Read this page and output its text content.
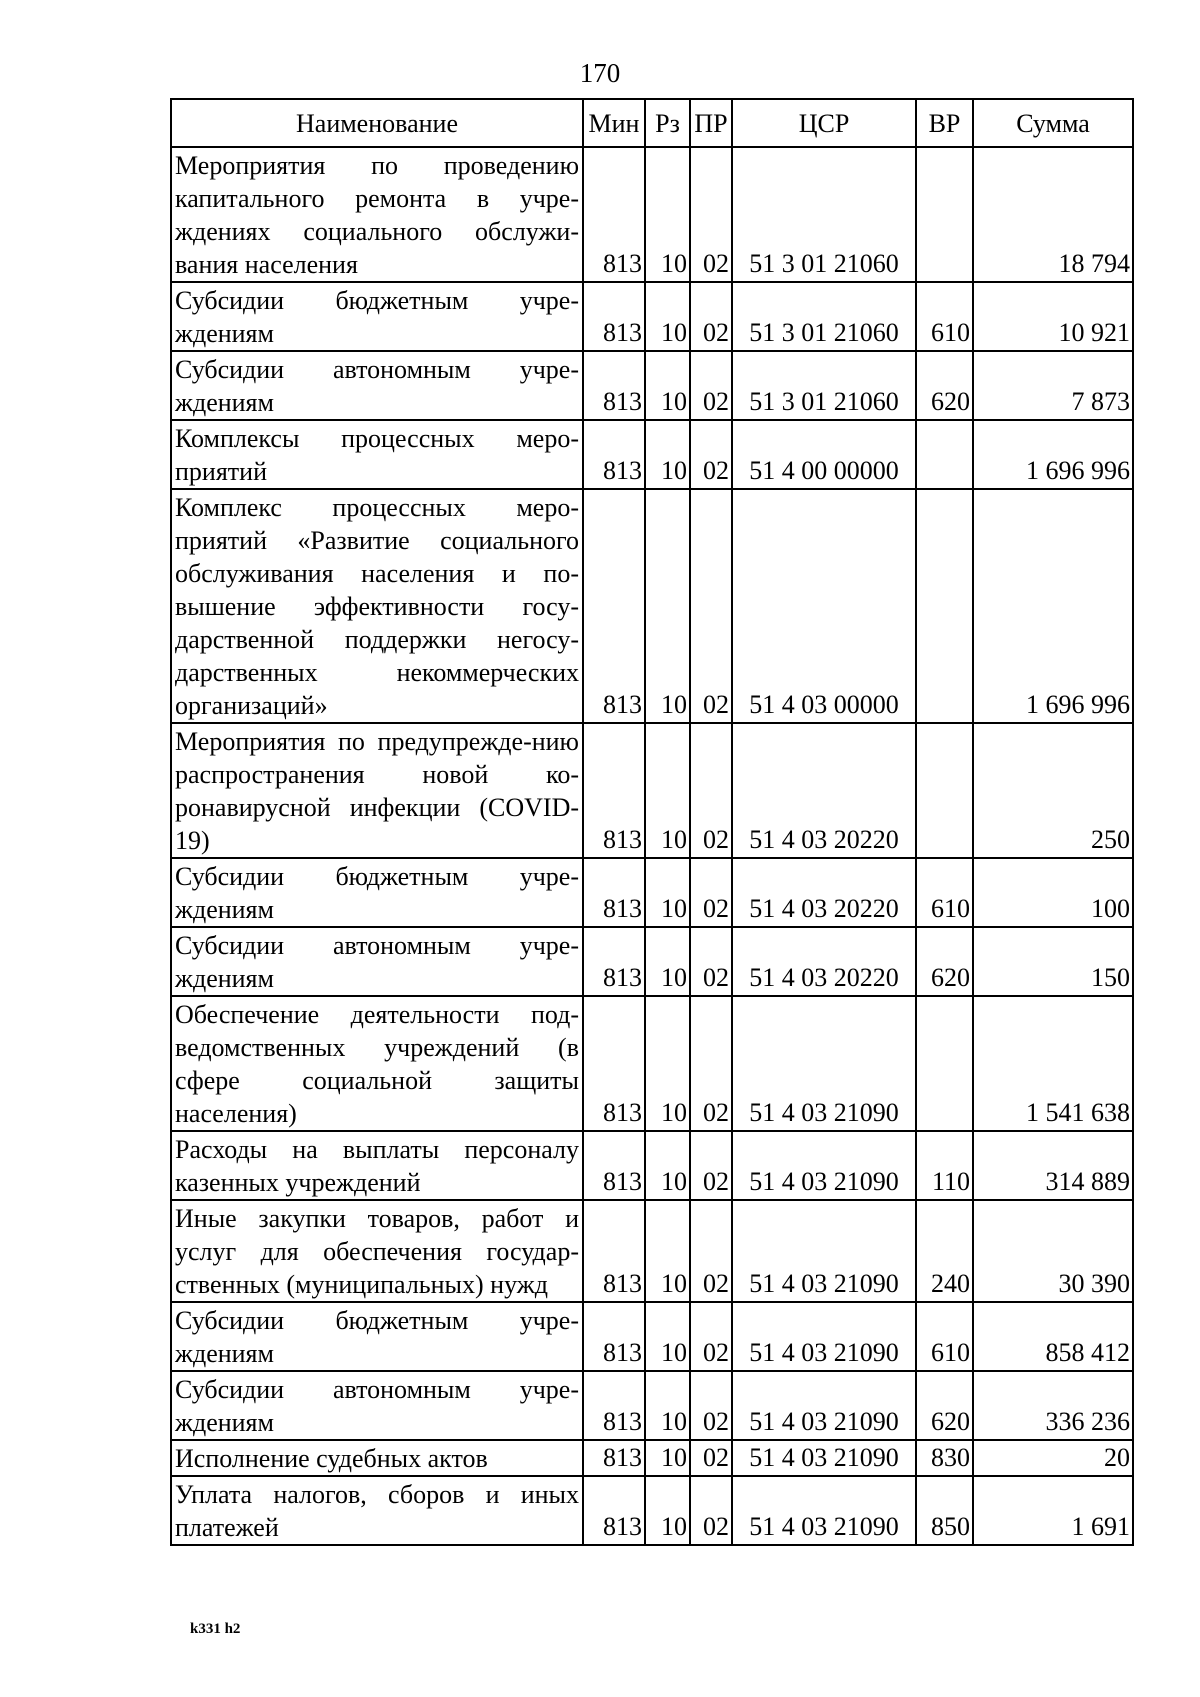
170
Наименование	Мин	Рз	ПР	ЦСР	ВР	Сумма
Мероприятия по проведению капитального ремонта в учре-ждениях социального обслужи-вания населения	813	10	02	51 3 01 21060		18 794
Субсидии бюджетным учре-ждениям	813	10	02	51 3 01 21060	610	10 921
Субсидии автономным учре-ждениям	813	10	02	51 3 01 21060	620	7 873
Комплексы процессных меро-приятий	813	10	02	51 4 00 00000		1 696 996
Комплекс процессных меро-приятий «Развитие социального обслуживания населения и по-вышение эффективности госу-дарственной поддержки негосу-дарственных некоммерческих организаций»	813	10	02	51 4 03 00000		1 696 996
Мероприятия по предупрежде-нию распространения новой ко-ронавирусной инфекции (COVID-19)	813	10	02	51 4 03 20220		250
Субсидии бюджетным учре-ждениям	813	10	02	51 4 03 20220	610	100
Субсидии автономным учре-ждениям	813	10	02	51 4 03 20220	620	150
Обеспечение деятельности под-ведомственных учреждений (в сфере социальной защиты населения)	813	10	02	51 4 03 21090		1 541 638
Расходы на выплаты персоналу казенных учреждений	813	10	02	51 4 03 21090	110	314 889
Иные закупки товаров, работ и услуг для обеспечения государ-ственных (муниципальных) нужд	813	10	02	51 4 03 21090	240	30 390
Субсидии бюджетным учре-ждениям	813	10	02	51 4 03 21090	610	858 412
Субсидии автономным учре-ждениям	813	10	02	51 4 03 21090	620	336 236
Исполнение судебных актов	813	10	02	51 4 03 21090	830	20
Уплата налогов, сборов и иных платежей	813	10	02	51 4 03 21090	850	1 691
k331 h2
